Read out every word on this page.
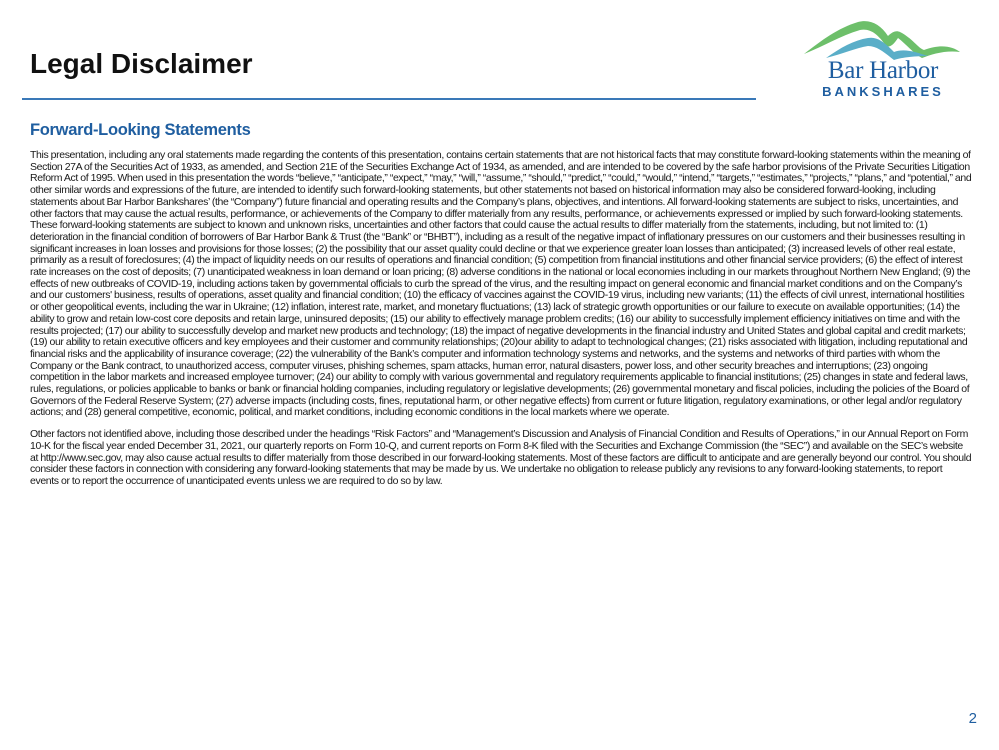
Legal Disclaimer	Bar Harbor
BANKSHARES
Forward-Looking Statements

This presentation, including any oral statements made regarding the contents of this presentation, contains certain statements that are not historical facts that may constitute forward-looking statements within the meaning of Section 27A of the Securities Act of 1933, as amended, and Section 21E of the Securities Exchange Act of 1934, as amended, and are intended to be covered by the safe harbor provisions of the Private Securities Litigation Reform Act of 1995. When used in this presentation the words “believe,” “anticipate,” “expect,” “may,” “will,” “assume,” “should,” “predict,” “could,” “would,” “intend,” “targets,” “estimates,” “projects,” “plans,” and “potential,” and other similar words and expressions of the future, are intended to identify such forward-looking statements, but other statements not based on historical information may also be considered forward-looking, including statements about Bar Harbor Bankshares’ (the “Company”) future financial and operating results and the Company’s plans, objectives, and intentions. All forward-looking statements are subject to risks, uncertainties, and other factors that may cause the actual results, performance, or achievements of the Company to differ materially from any results, performance, or achievements expressed or implied by such forward-looking statements. These forward-looking statements are subject to known and unknown risks, uncertainties and other factors that could cause the actual results to differ materially from the statements, including, but not limited to: (1) deterioration in the financial condition of borrowers of Bar Harbor Bank & Trust (the “Bank” or “BHBT”), including as a result of the negative impact of inflationary pressures on our customers and their businesses resulting in significant increases in loan losses and provisions for those losses; (2) the possibility that our asset quality could decline or that we experience greater loan losses than anticipated; (3) increased levels of other real estate, primarily as a result of foreclosures; (4) the impact of liquidity needs on our results of operations and financial condition; (5) competition from financial institutions and other financial service providers; (6) the effect of interest rate increases on the cost of deposits; (7) unanticipated weakness in loan demand or loan pricing; (8) adverse conditions in the national or local economies including in our markets throughout Northern New England; (9) the effects of new outbreaks of COVID-19, including actions taken by governmental officials to curb the spread of the virus, and the resulting impact on general economic and financial market conditions and on the Company’s and our customers' business, results of operations, asset quality and financial condition; (10) the efficacy of vaccines against the COVID-19 virus, including new variants; (11) the effects of civil unrest, international hostilities or other geopolitical events, including the war in Ukraine; (12) inflation, interest rate, market, and monetary fluctuations; (13) lack of strategic growth opportunities or our failure to execute on available opportunities; (14) the ability to grow and retain low-cost core deposits and retain large, uninsured deposits; (15) our ability to effectively manage problem credits; (16) our ability to successfully implement efficiency initiatives on time and with the results projected; (17) our ability to successfully develop and market new products and technology; (18) the impact of negative developments in the financial industry and United States and global capital and credit markets; (19) our ability to retain executive officers and key employees and their customer and community relationships; (20)our ability to adapt to technological changes; (21) risks associated with litigation, including reputational and financial risks and the applicability of insurance coverage; (22) the vulnerability of the Bank’s computer and information technology systems and networks, and the systems and networks of third parties with whom the Company or the Bank contract, to unauthorized access, computer viruses, phishing schemes, spam attacks, human error, natural disasters, power loss, and other security breaches and interruptions; (23) ongoing competition in the labor markets and increased employee turnover; (24) our ability to comply with various governmental and regulatory requirements applicable to financial institutions; (25) changes in state and federal laws, rules, regulations, or policies applicable to banks or bank or financial holding companies, including regulatory or legislative developments; (26) governmental monetary and fiscal policies, including the policies of the Board of Governors of the Federal Reserve System; (27) adverse impacts (including costs, fines, reputational harm, or other negative effects) from current or future litigation, regulatory examinations, or other legal and/or regulatory actions; and (28) general competitive, economic, political, and market conditions, including economic conditions in the local markets where we operate.

Other factors not identified above, including those described under the headings “Risk Factors” and “Management’s Discussion and Analysis of Financial Condition and Results of Operations,” in our Annual Report on Form 10-K for the fiscal year ended December 31, 2021, our quarterly reports on Form 10-Q, and current reports on Form 8-K filed with the Securities and Exchange Commission (the “SEC”) and available on the SEC’s website at http://www.sec.gov, may also cause actual results to differ materially from those described in our forward-looking statements. Most of these factors are difficult to anticipate and are generally beyond our control. You should consider these factors in connection with considering any forward-looking statements that may be made by us. We undertake no obligation to release publicly any revisions to any forward-looking statements, to report events or to report the occurrence of unanticipated events unless we are required to do so by law.

2
